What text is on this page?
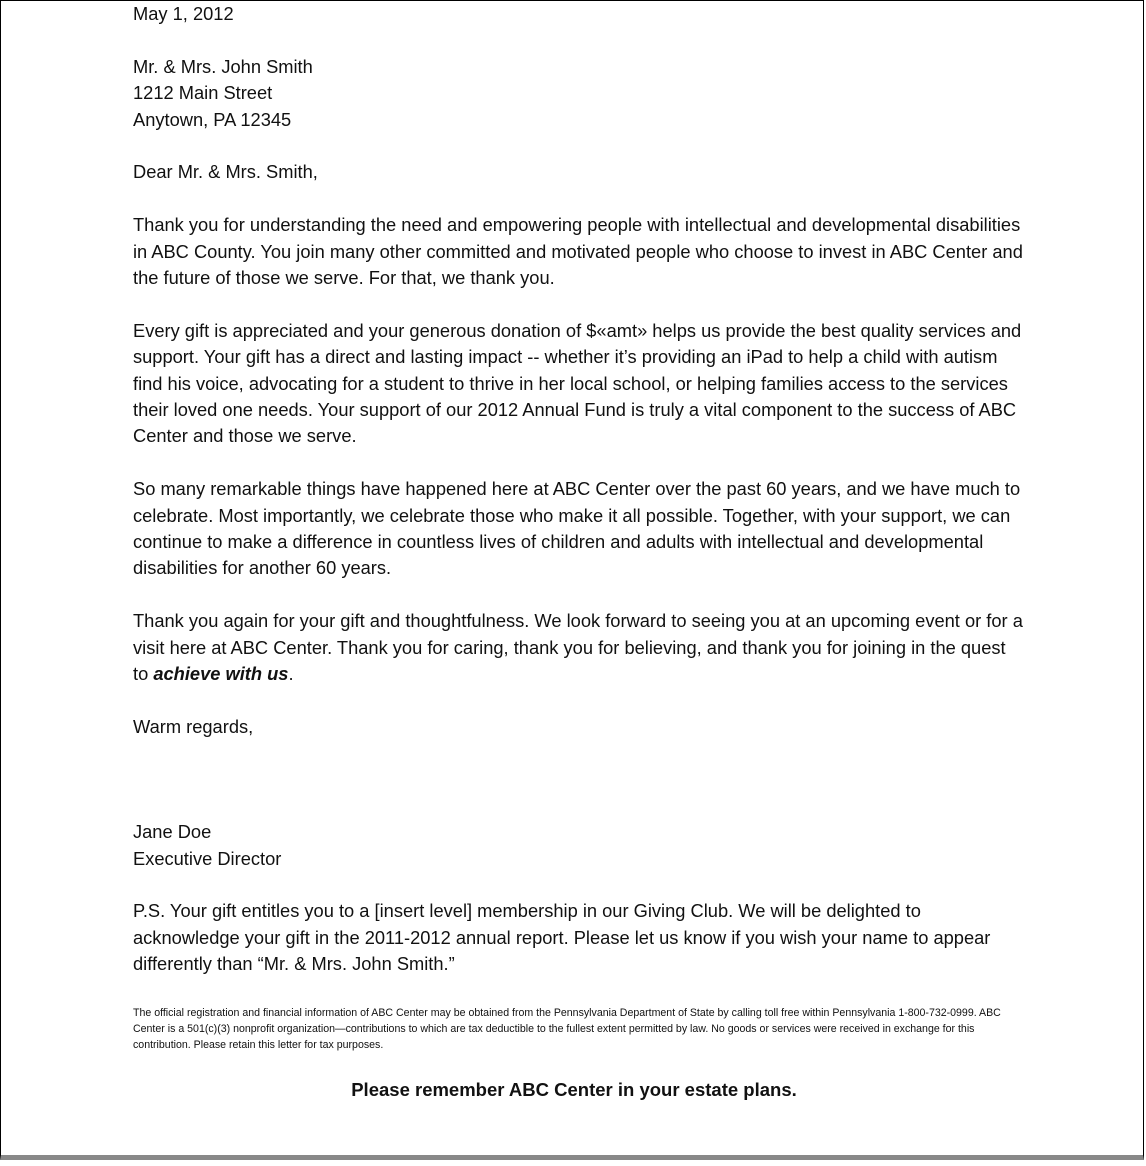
May 1, 2012

Mr. & Mrs. John Smith

1212 Main Street

Anytown, PA 12345

Dear Mr. & Mrs. Smith,

Thank you for understanding the need and empowering people with intellectual and developmental disabilities in ABC County. You join many other committed and motivated people who choose to invest in ABC Center and the future of those we serve. For that, we thank you.

Every gift is appreciated and your generous donation of $«amt» helps us provide the best quality services and support. Your gift has a direct and lasting impact -- whether it’s providing an iPad to help a child with autism find his voice, advocating for a student to thrive in her local school, or helping families access to the services their loved one needs. Your support of our 2012 Annual Fund is truly a vital component to the success of ABC Center and those we serve.

So many remarkable things have happened here at ABC Center over the past 60 years, and we have much to celebrate. Most importantly, we celebrate those who make it all possible. Together, with your support, we can continue to make a difference in countless lives of children and adults with intellectual and developmental disabilities for another 60 years.

Thank you again for your gift and thoughtfulness. We look forward to seeing you at an upcoming event or for a visit here at ABC Center. Thank you for caring, thank you for believing, and thank you for joining in the quest to achieve with us.

Warm regards,

Jane Doe

Executive Director

P.S. Your gift entitles you to a [insert level] membership in our Giving Club. We will be delighted to acknowledge your gift in the 2011-2012 annual report. Please let us know if you wish your name to appear differently than “Mr. & Mrs. John Smith.”

The official registration and financial information of ABC Center may be obtained from the Pennsylvania Department of State by calling toll free within Pennsylvania 1-800-732-0999. ABC Center is a 501(c)(3) nonprofit organization—contributions to which are tax deductible to the fullest extent permitted by law. No goods or services were received in exchange for this contribution. Please retain this letter for tax purposes.
Please remember ABC Center in your estate plans.
